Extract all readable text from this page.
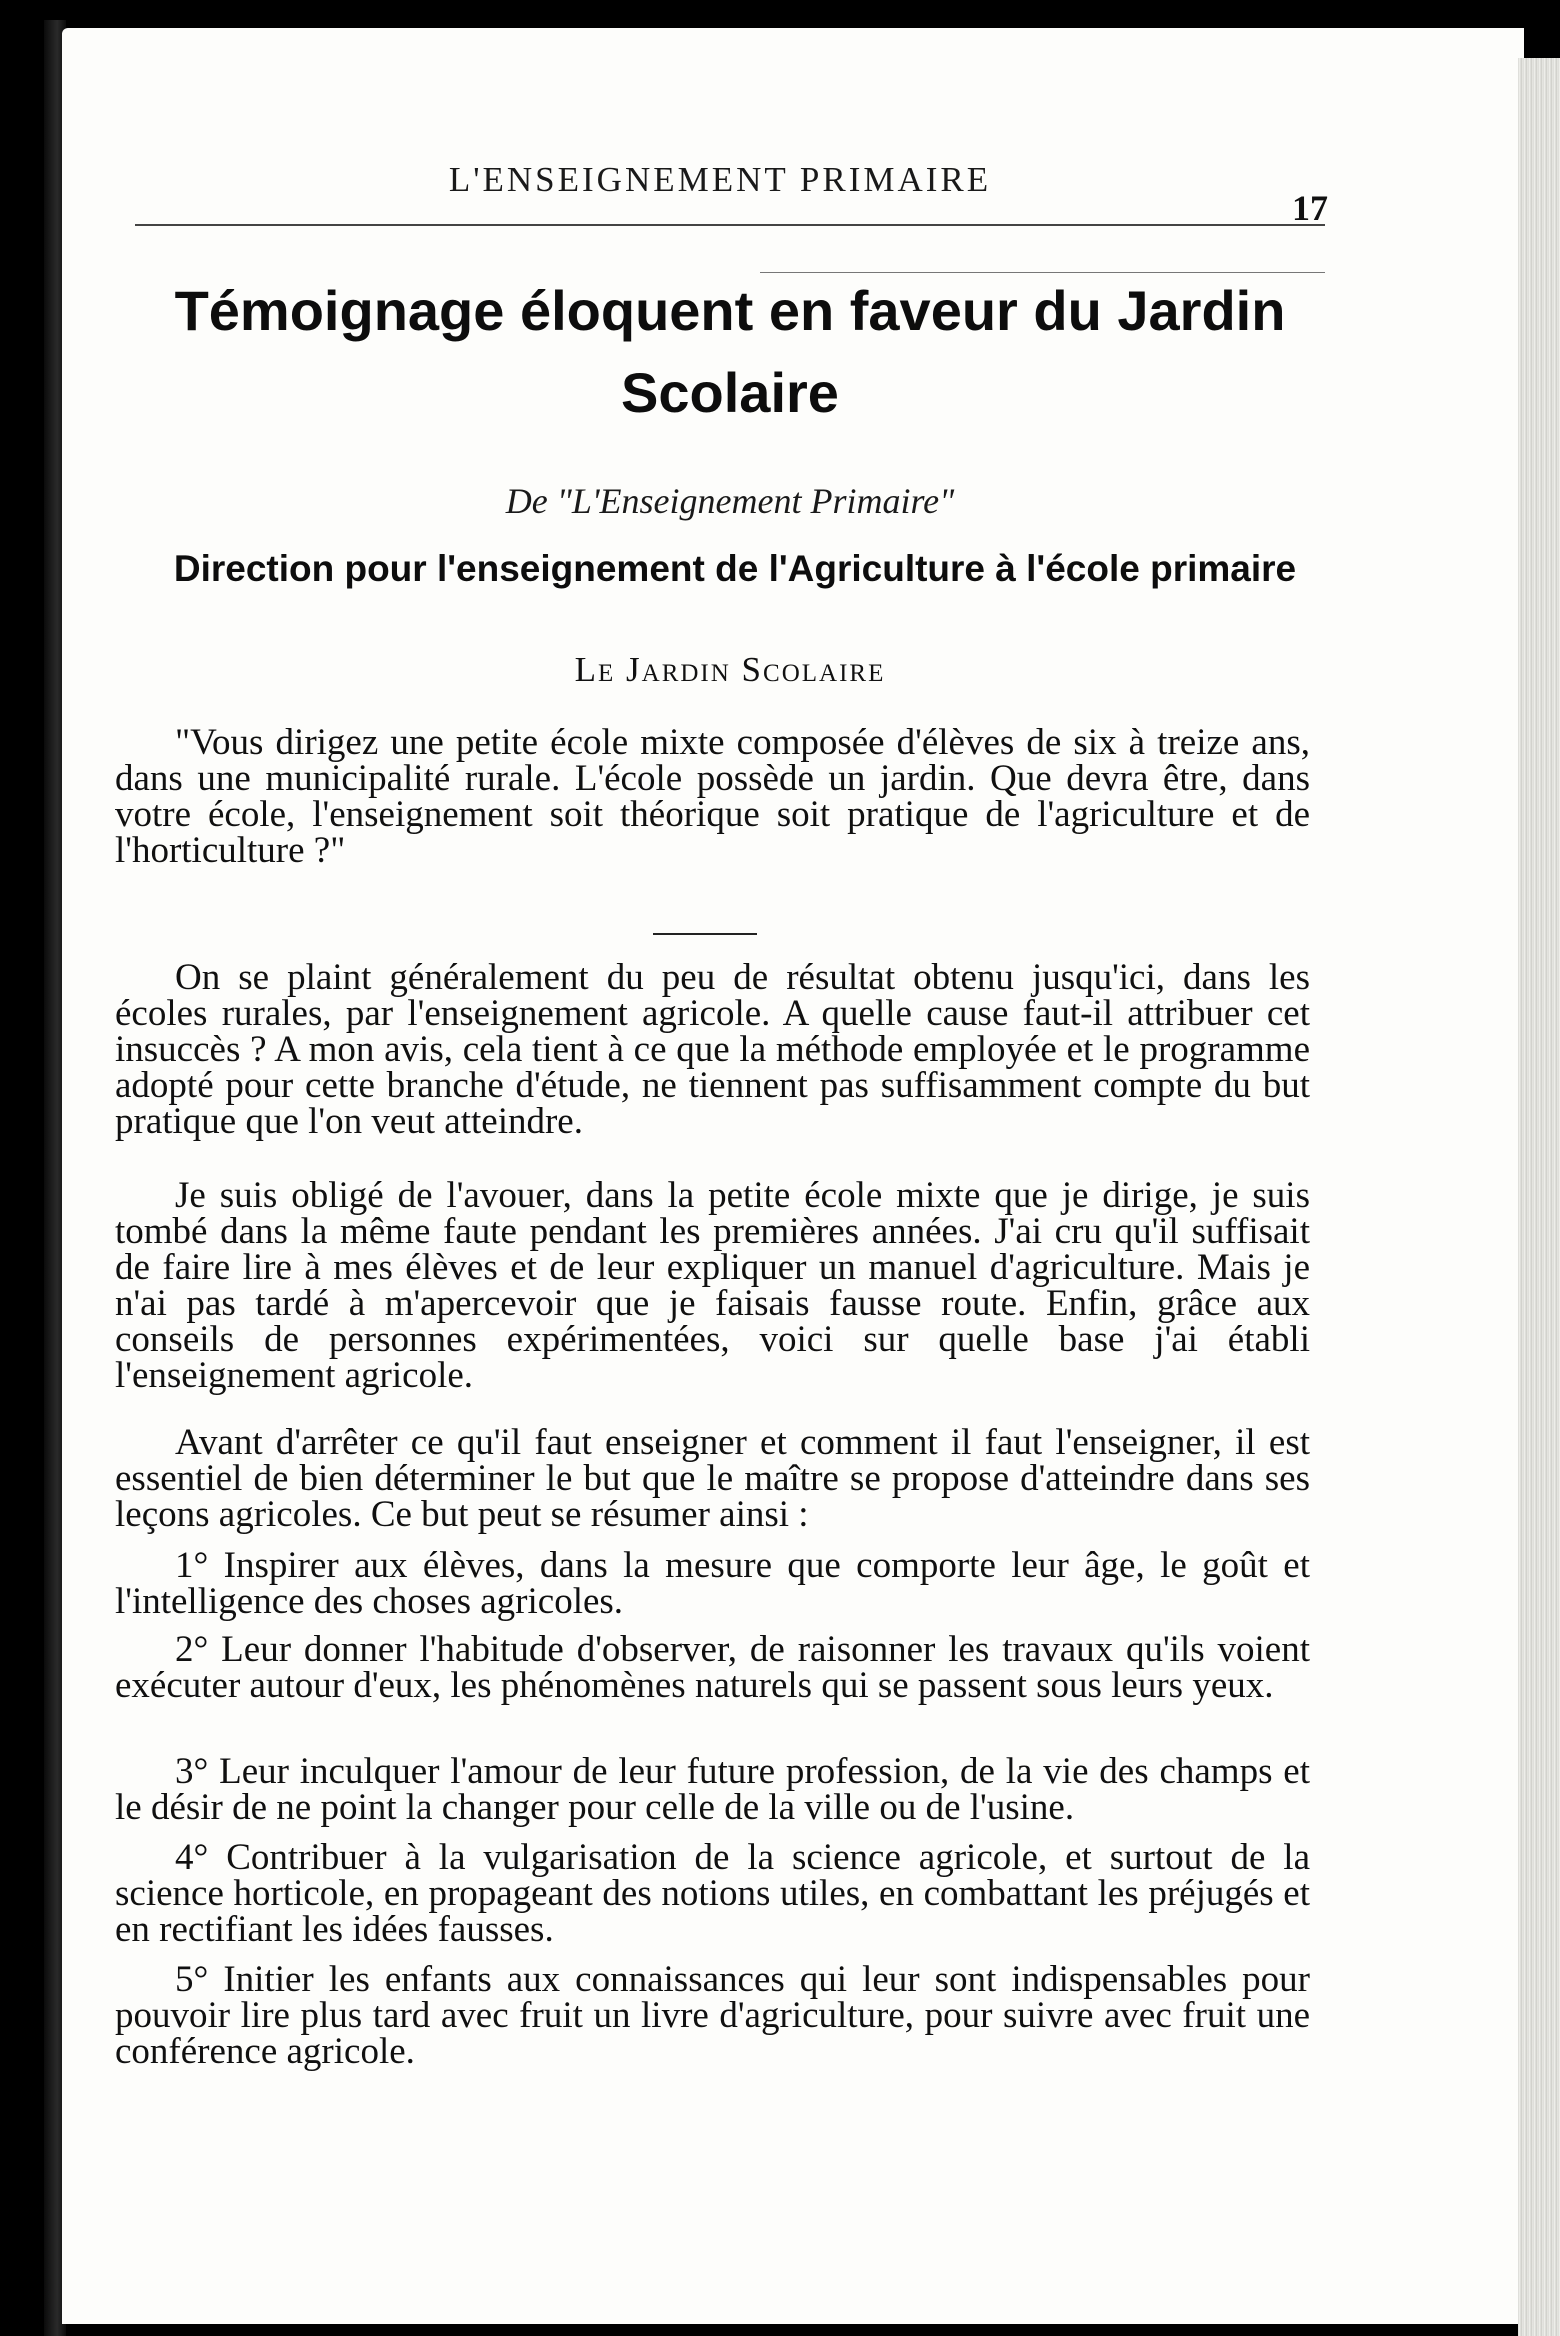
L'ENSEIGNEMENT PRIMAIRE
17
Témoignage éloquent en faveur du Jardin Scolaire
De "L'Enseignement Primaire"
Direction pour l'enseignement de l'Agriculture à l'école primaire
Le Jardin Scolaire
"Vous dirigez une petite école mixte composée d'élèves de six à treize ans, dans une municipalité rurale. L'école possède un jardin. Que devra être, dans votre école, l'enseignement soit théorique soit pratique de l'agriculture et de l'horticulture ?"
On se plaint généralement du peu de résultat obtenu jusqu'ici, dans les écoles rurales, par l'enseignement agricole. A quelle cause faut-il attribuer cet insuccès ? A mon avis, cela tient à ce que la méthode employée et le programme adopté pour cette branche d'étude, ne tiennent pas suffisamment compte du but pratique que l'on veut atteindre.
Je suis obligé de l'avouer, dans la petite école mixte que je dirige, je suis tombé dans la même faute pendant les premières années. J'ai cru qu'il suffisait de faire lire à mes élèves et de leur expliquer un manuel d'agriculture. Mais je n'ai pas tardé à m'apercevoir que je faisais fausse route. Enfin, grâce aux conseils de personnes expérimentées, voici sur quelle base j'ai établi l'enseignement agricole.
Avant d'arrêter ce qu'il faut enseigner et comment il faut l'enseigner, il est essentiel de bien déterminer le but que le maître se propose d'atteindre dans ses leçons agricoles. Ce but peut se résumer ainsi :
1° Inspirer aux élèves, dans la mesure que comporte leur âge, le goût et l'intelligence des choses agricoles.
2° Leur donner l'habitude d'observer, de raisonner les travaux qu'ils voient exécuter autour d'eux, les phénomènes naturels qui se passent sous leurs yeux.
3° Leur inculquer l'amour de leur future profession, de la vie des champs et le désir de ne point la changer pour celle de la ville ou de l'usine.
4° Contribuer à la vulgarisation de la science agricole, et surtout de la science horticole, en propageant des notions utiles, en combattant les préjugés et en rectifiant les idées fausses.
5° Initier les enfants aux connaissances qui leur sont indispensables pour pouvoir lire plus tard avec fruit un livre d'agriculture, pour suivre avec fruit une conférence agricole.
